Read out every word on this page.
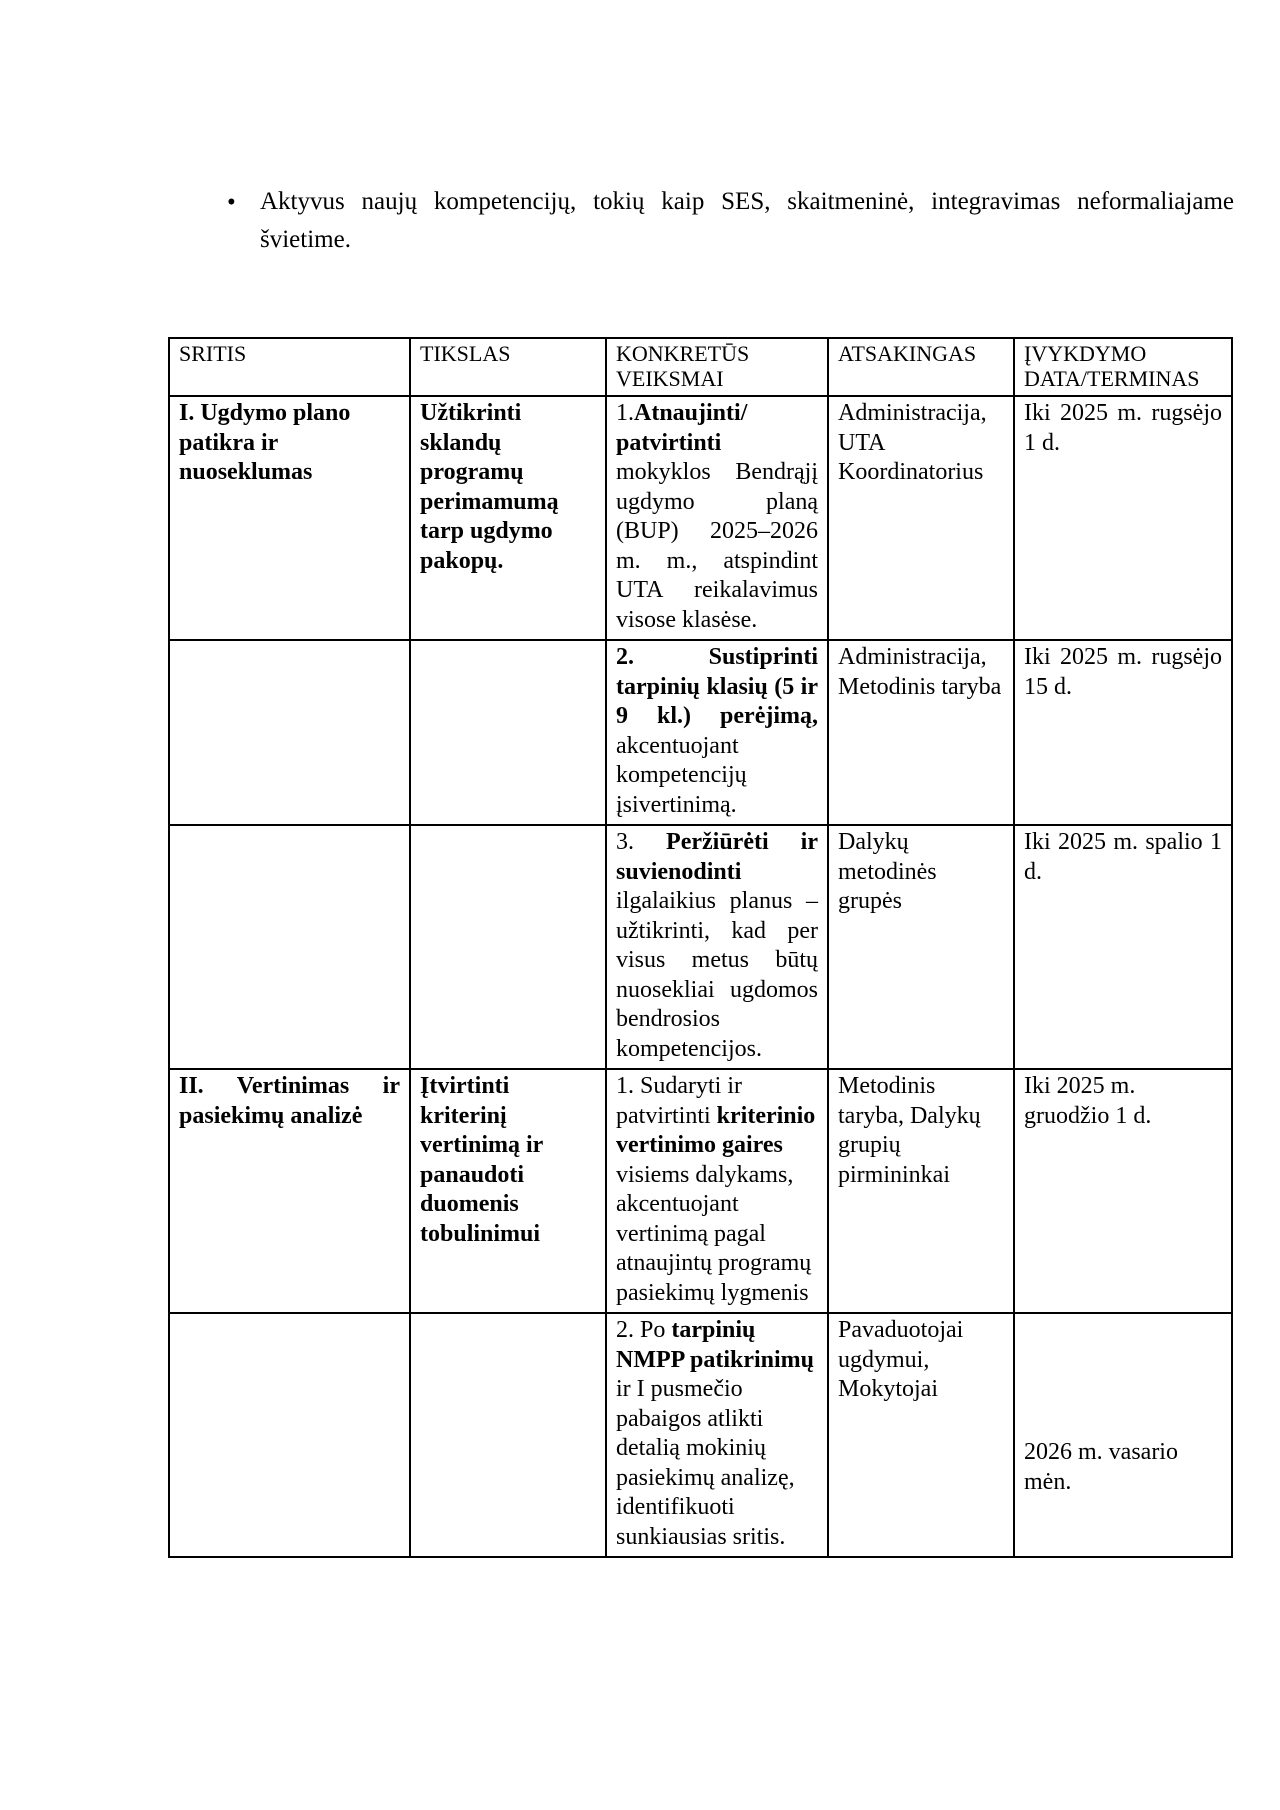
• Aktyvus naujų kompetencijų, tokių kaip SES, skaitmeninė, integravimas neformaliajame švietime.
SRITIS	TIKSLAS	KONKRETŪS VEIKSMAI	ATSAKINGAS	ĮVYKDYMO DATA/TERMINAS
I. Ugdymo plano patikra ir nuoseklumas	Užtikrinti sklandų programų perimamumą tarp ugdymo pakopų.	1.Atnaujinti/ patvirtinti mokyklos Bendrąjį ugdymo planą (BUP) 2025–2026 m. m., atspindint UTA reikalavimus visose klasėse.	Administracija, UTA Koordinatorius	Iki 2025 m. rugsėjo 1 d.
		2. Sustiprinti tarpinių klasių (5 ir 9 kl.) perėjimą, akcentuojant kompetencijų įsivertinimą.	Administracija, Metodinis taryba	Iki 2025 m. rugsėjo 15 d.
		3. Peržiūrėti ir suvienodinti ilgalaikius planus – užtikrinti, kad per visus metus būtų nuosekliai ugdomos bendrosios kompetencijos.	Dalykų metodinės grupės	Iki 2025 m. spalio 1 d.
II. Vertinimas ir pasiekimų analizė	Įtvirtinti kriterinį vertinimą ir panaudoti duomenis tobulinimui	1. Sudaryti ir patvirtinti kriterinio vertinimo gaires visiems dalykams, akcentuojant vertinimą pagal atnaujintų programų pasiekimų lygmenis	Metodinis taryba, Dalykų grupių pirmininkai	Iki 2025 m. gruodžio 1 d.
		2. Po tarpinių NMPP patikrinimų ir I pusmečio pabaigos atlikti detalią mokinių pasiekimų analizę, identifikuoti sunkiausias sritis.	Pavaduotojai ugdymui, Mokytojai	2026 m. vasario mėn.
